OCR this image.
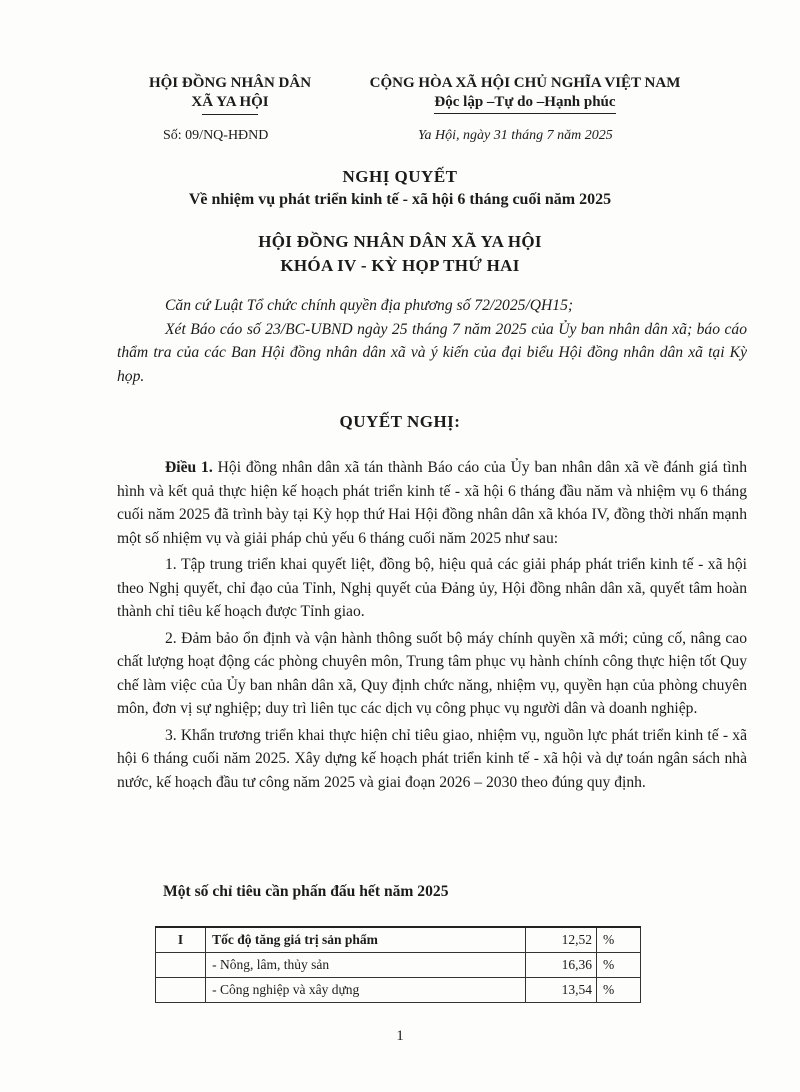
HỘI ĐỒNG NHÂN DÂN
XÃ YA HỘI
CỘNG HÒA XÃ HỘI CHỦ NGHĨA VIỆT NAM
Độc lập –Tự do –Hạnh phúc
Số: 09/NQ-HĐND	Ya Hội, ngày 31 tháng 7 năm 2025
NGHỊ QUYẾT
Về nhiệm vụ phát triển kinh tế - xã hội 6 tháng cuối năm 2025
HỘI ĐỒNG NHÂN DÂN XÃ YA HỘI
KHÓA IV - KỲ HỌP THỨ HAI

Căn cứ Luật Tổ chức chính quyền địa phương số 72/2025/QH15;

Xét Báo cáo số 23/BC-UBND ngày 25 tháng 7 năm 2025 của Ủy ban nhân dân xã; báo cáo thẩm tra của các Ban Hội đồng nhân dân xã và ý kiến của đại biểu Hội đồng nhân dân xã tại Kỳ họp.

QUYẾT NGHỊ:

Điều 1. Hội đồng nhân dân xã tán thành Báo cáo của Ủy ban nhân dân xã về đánh giá tình hình và kết quả thực hiện kế hoạch phát triển kinh tế - xã hội 6 tháng đầu năm và nhiệm vụ 6 tháng cuối năm 2025 đã trình bày tại Kỳ họp thứ Hai Hội đồng nhân dân xã khóa IV, đồng thời nhấn mạnh một số nhiệm vụ và giải pháp chủ yếu 6 tháng cuối năm 2025 như sau:

1. Tập trung triển khai quyết liệt, đồng bộ, hiệu quả các giải pháp phát triển kinh tế - xã hội theo Nghị quyết, chỉ đạo của Tỉnh, Nghị quyết của Đảng ủy, Hội đồng nhân dân xã, quyết tâm hoàn thành chỉ tiêu kế hoạch được Tỉnh giao.

2. Đảm bảo ổn định và vận hành thông suốt bộ máy chính quyền xã mới; củng cố, nâng cao chất lượng hoạt động các phòng chuyên môn, Trung tâm phục vụ hành chính công thực hiện tốt Quy chế làm việc của Ủy ban nhân dân xã, Quy định chức năng, nhiệm vụ, quyền hạn của phòng chuyên môn, đơn vị sự nghiệp; duy trì liên tục các dịch vụ công phục vụ người dân và doanh nghiệp.

3. Khẩn trương triển khai thực hiện chỉ tiêu giao, nhiệm vụ, nguồn lực phát triển kinh tế - xã hội 6 tháng cuối năm 2025. Xây dựng kế hoạch phát triển kinh tế - xã hội và dự toán ngân sách nhà nước, kế hoạch đầu tư công năm 2025 và giai đoạn 2026 – 2030 theo đúng quy định.

Một số chỉ tiêu cần phấn đấu hết năm 2025
I	Tốc độ tăng giá trị sản phẩm	12,52	%
	- Nông, lâm, thủy sản	16,36	%
	- Công nghiệp và xây dựng	13,54	%
1
